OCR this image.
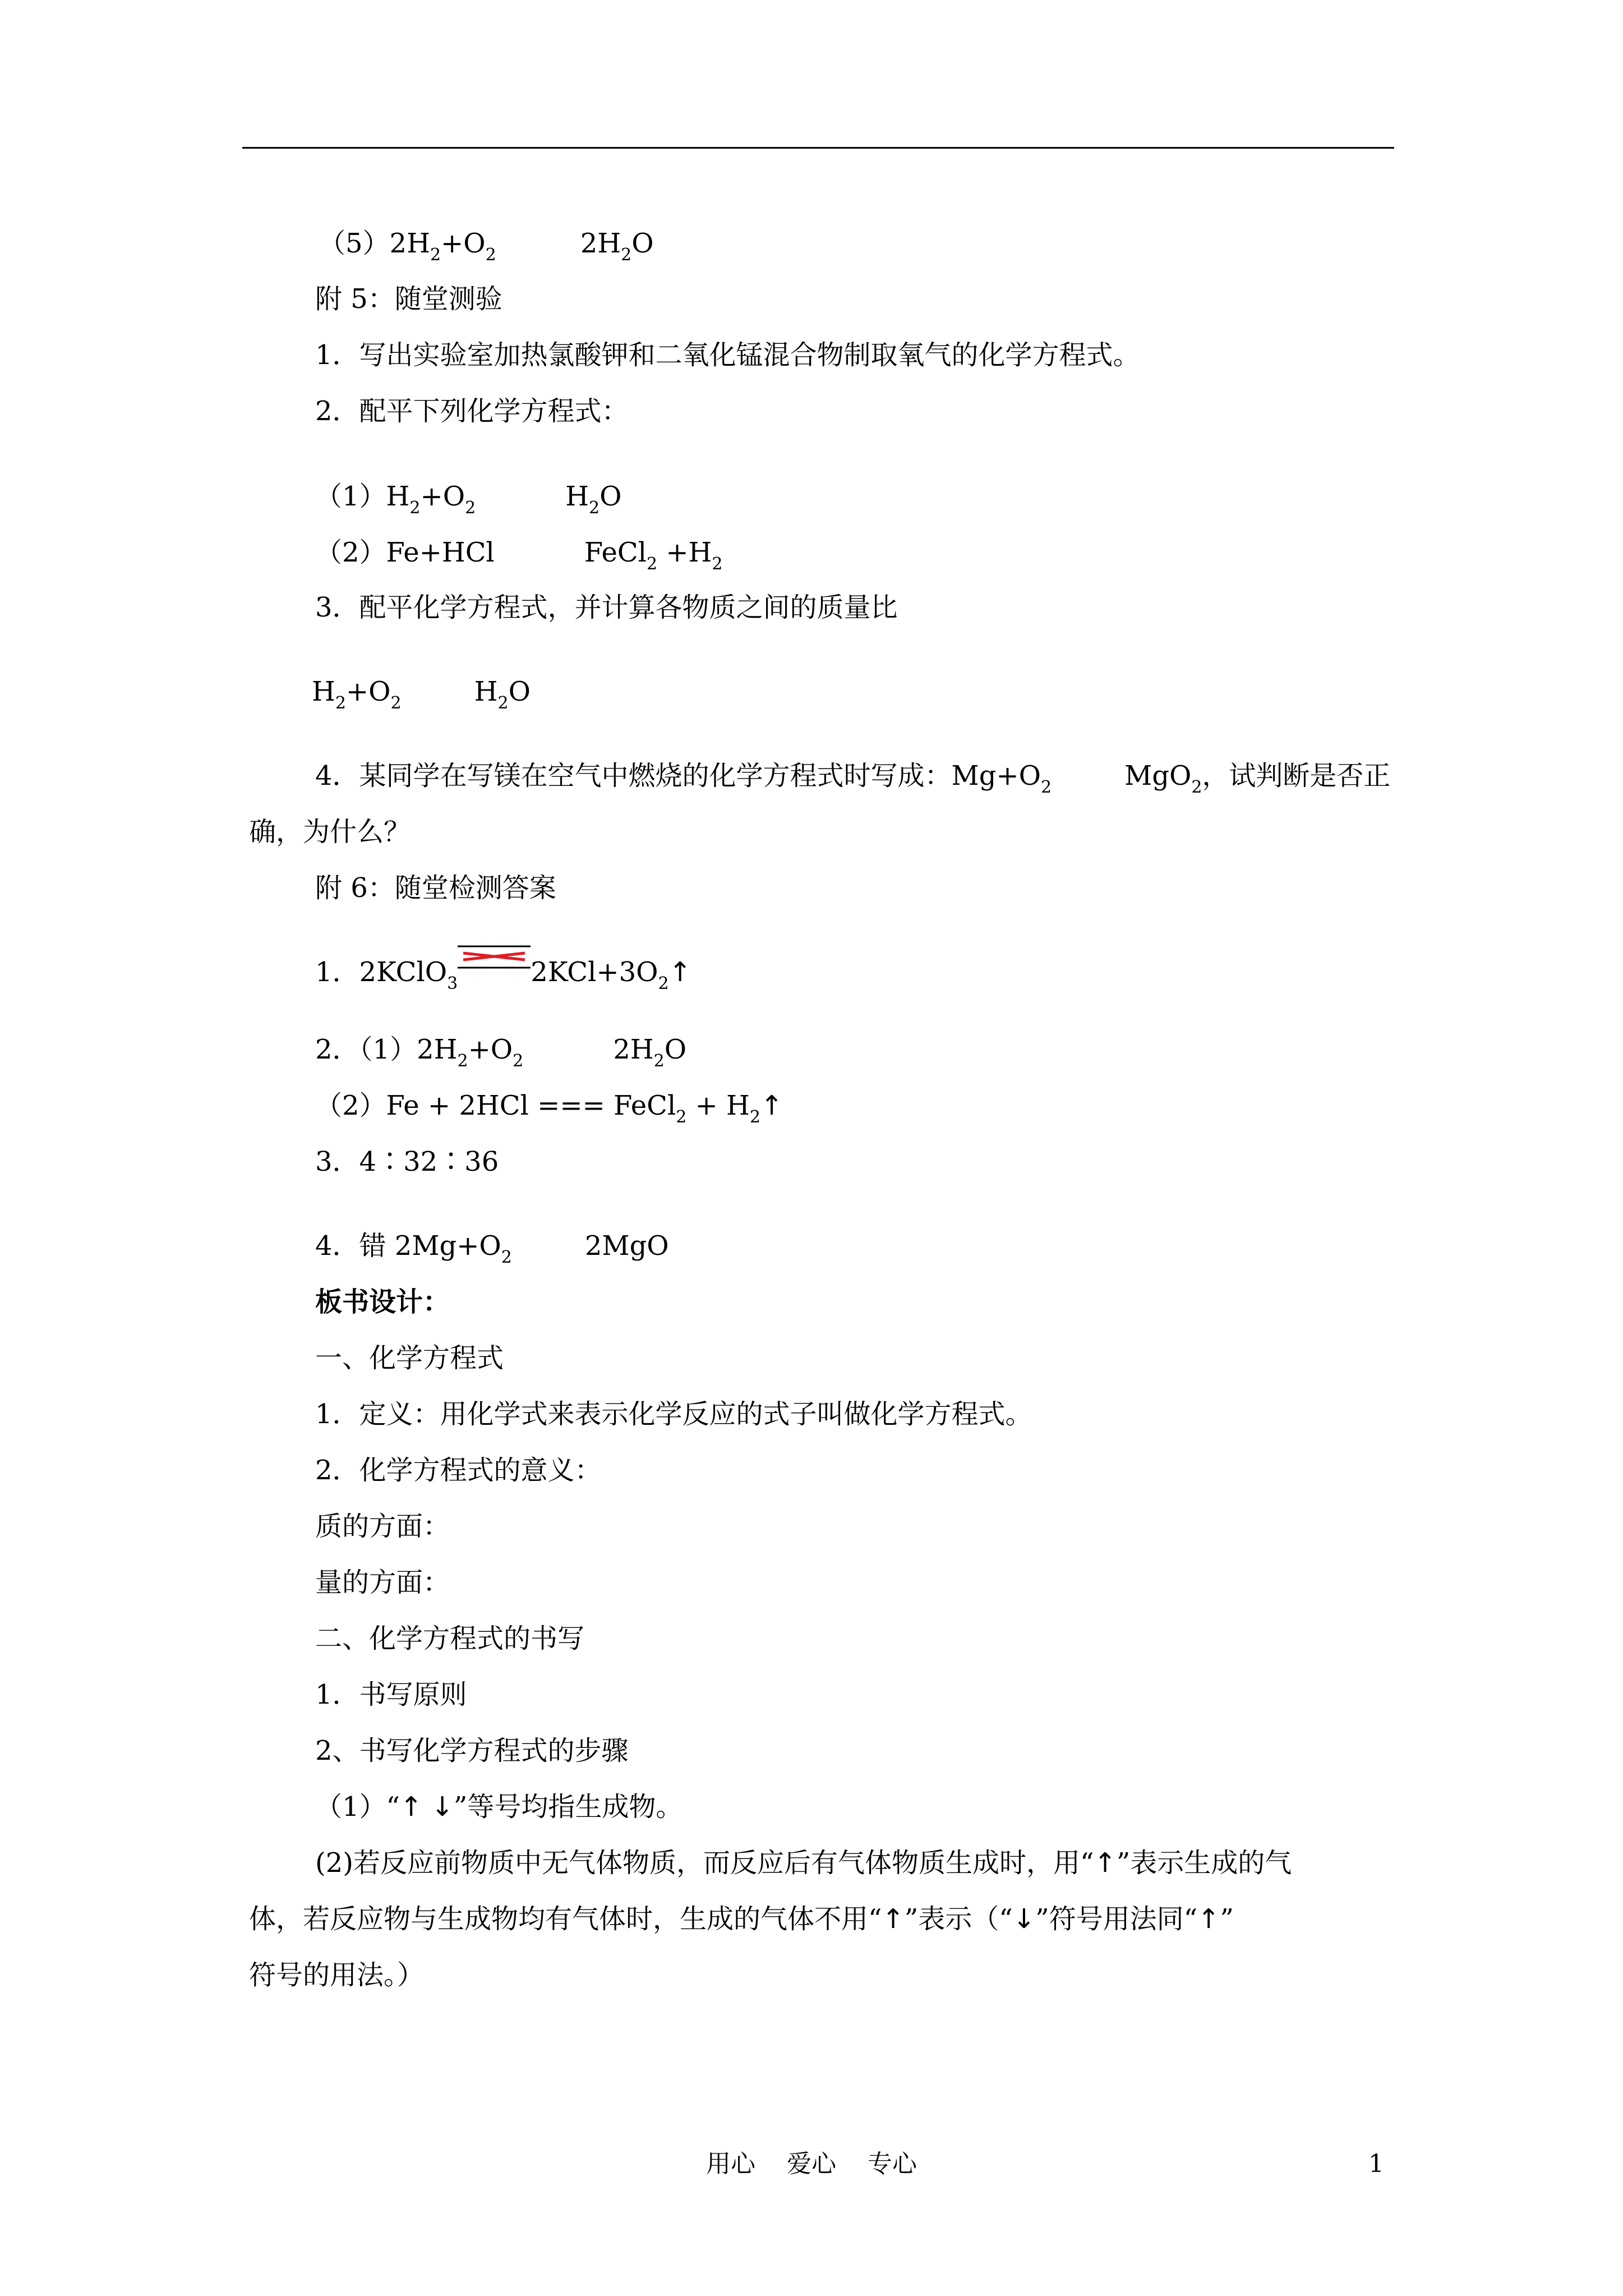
$(5)2H_2+O_2$	$2H_2O$
附 5：随堂测验
1．写出实验室加热氯酸钾和二氧化锰混合物制取氧气的化学方程式。
2．配平下列化学方程式：
$(1)H_2+O_2$	$H_2O$
（2）Fe+HCl	FeCl$_2$ $+H_2$
3．配平化学方程式，并计算各物质之间的质量比
$H_2+O_2$	$H_2O$
4．某同学在写镁在空气中燃烧的化学方程式时写成：$Mg+O_2$	MgO$_2$，试判断是否正
确，为什么？
附 6：随堂检测答案
1．2KClO$_3$	$2KCl+3O_2↑$
2．$(1)2H_2+O_2$	$2H_2O$
（2）Fe + 2HCl === FeCl$_2$ + $H_2↑$
3．4∶32∶36
4．错 $2Mg+O_2$	2MgO
板书设计：
一、化学方程式
1．定义：用化学式来表示化学反应的式子叫做化学方程式。
2．化学方程式的意义：
质的方面：
量的方面：
二、化学方程式的书写
1．书写原则
2、书写化学方程式的步骤
（1）“↑ ↓”等号均指生成物。
(2)若反应前物质中无气体物质，而反应后有气体物质生成时，用“↑”表示生成的气
体，若反应物与生成物均有气体时，生成的气体不用“↑”表示（“↓”符号用法同“↑”
符号的用法。）
用心    爱心    专心	1
